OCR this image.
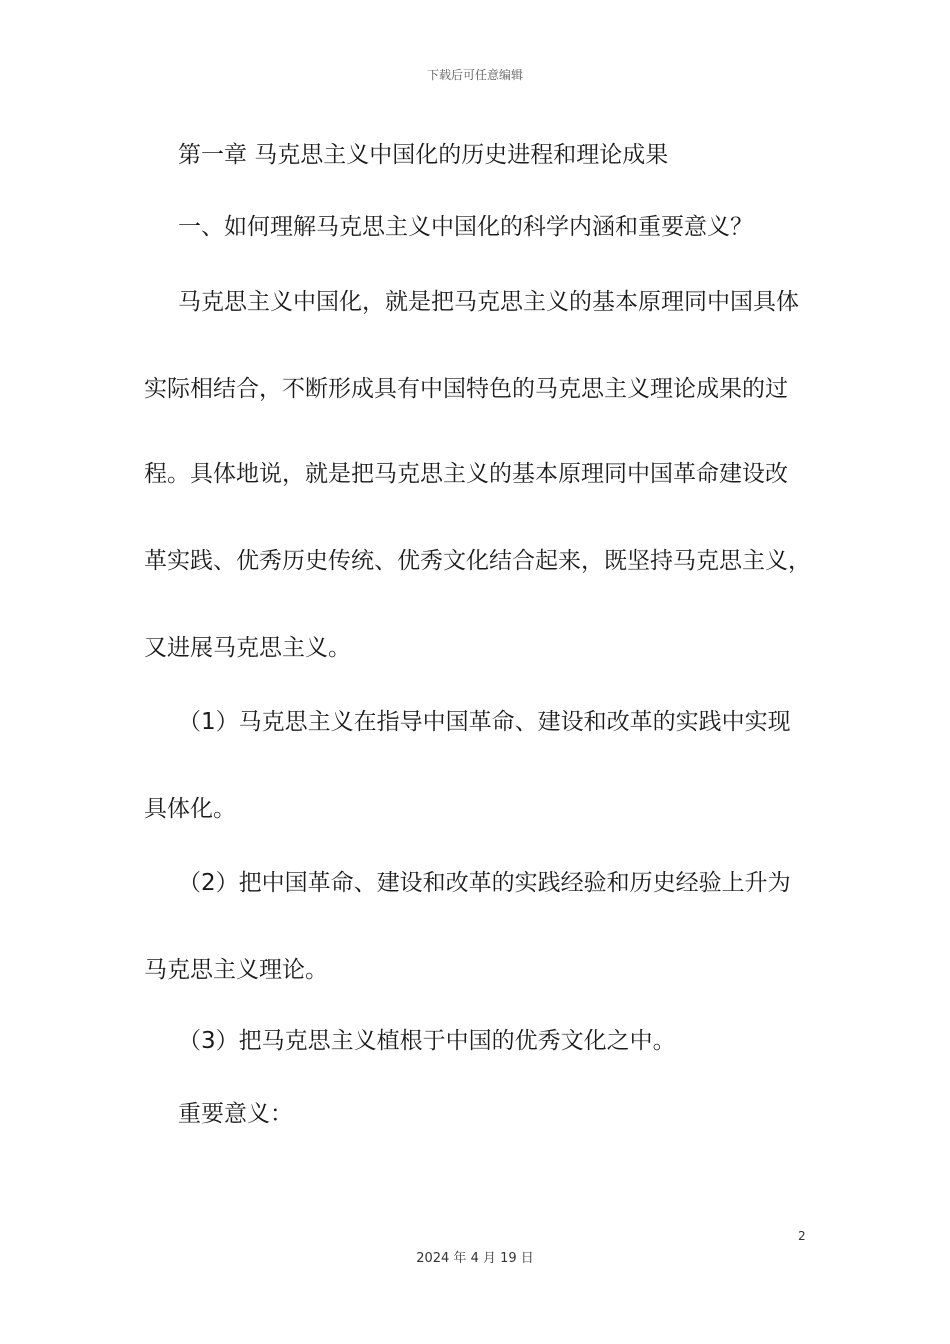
下载后可任意编辑
第一章 马克思主义中国化的历史进程和理论成果
一、如何理解马克思主义中国化的科学内涵和重要意义？
马克思主义中国化，就是把马克思主义的基本原理同中国具体
实际相结合，不断形成具有中国特色的马克思主义理论成果的过
程。具体地说，就是把马克思主义的基本原理同中国革命建设改
革实践、优秀历史传统、优秀文化结合起来，既坚持马克思主义，
又进展马克思主义。
（1）马克思主义在指导中国革命、建设和改革的实践中实现
具体化。
（2）把中国革命、建设和改革的实践经验和历史经验上升为
马克思主义理论。
（3）把马克思主义植根于中国的优秀文化之中。
重要意义：
2
2024 年 4 月 19 日
